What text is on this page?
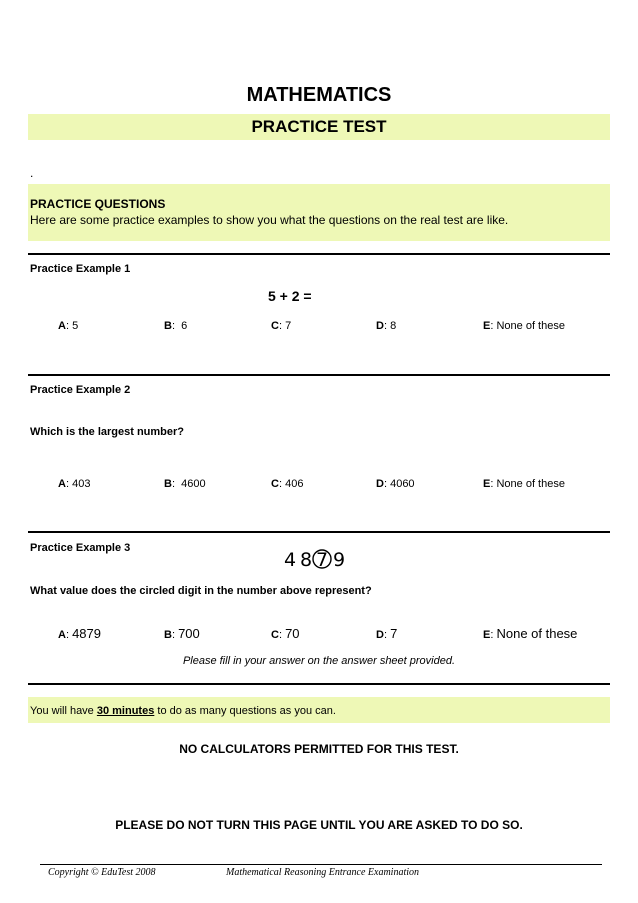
MATHEMATICS
PRACTICE TEST
.
PRACTICE QUESTIONS
Here are some practice examples to show you what the questions on the real test are like.
Practice Example 1
5 + 2 =
A: 5	B:  6	C: 7	D: 8	E: None of these
Practice Example 2
Which is the largest number?
A: 403	B:  4600	C: 406	D: 4060	E: None of these
Practice Example 3
4 8 7 9
What value does the circled digit in the number above represent?
A: 4879	B: 700	C: 70	D: 7	E: None of these
Please fill in your answer on the answer sheet provided.
You will have 30 minutes to do as many questions as you can.
NO CALCULATORS PERMITTED FOR THIS TEST.
PLEASE DO NOT TURN THIS PAGE UNTIL YOU ARE ASKED TO DO SO.
Copyright © EduTest 2008	Mathematical Reasoning Entrance Examination
